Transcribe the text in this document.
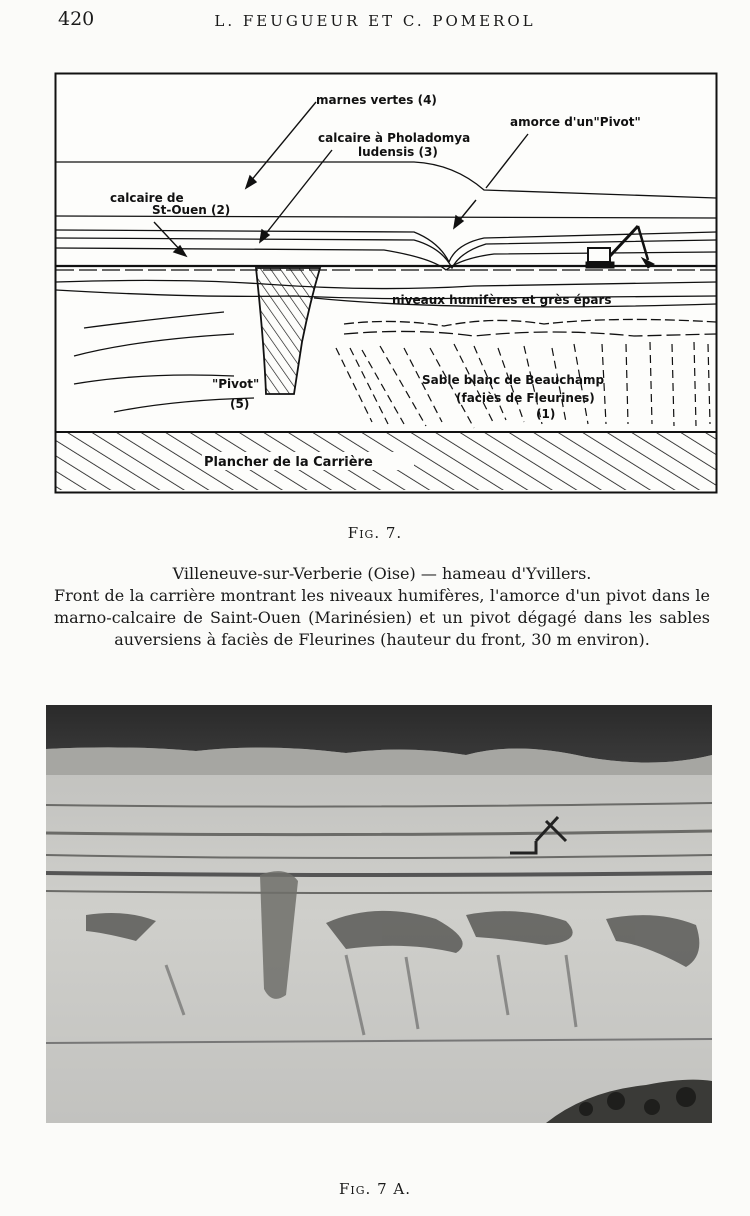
420	L. FEUGUEUR ET C. POMEROL
marnes vertes (4)
calcaire à Pholadomya
ludensis (3)
amorce d'un"Pivot"
calcaire de
St-Ouen (2)
niveaux humifères et grès épars
"Pivot"
(5)
Sable blanc de Beauchamp
(faciès de Fleurines)
(1)
Plancher de la Carrière
Fig. 7.
Villeneuve-sur-Verberie (Oise) — hameau d'Yvillers.
Front de la carrière montrant les niveaux humifères, l'amorce d'un pivot dans le marno-calcaire de Saint-Ouen (Marinésien) et un pivot dégagé dans les sables auversiens à faciès de Fleurines (hauteur du front, 30 m environ).
Fig. 7 A.
